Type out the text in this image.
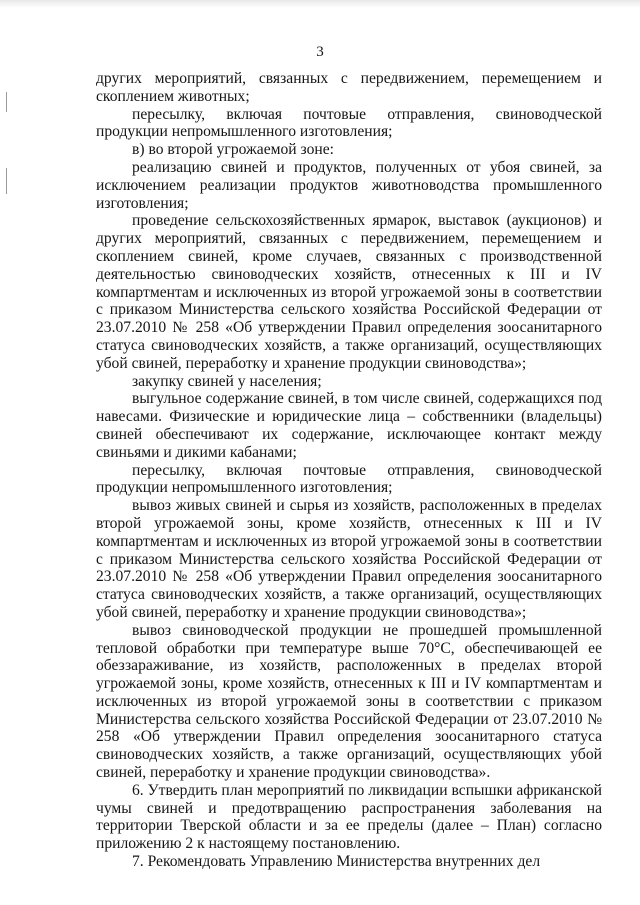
3

других мероприятий, связанных с передвижением, перемещением и скоплением животных;

пересылку, включая почтовые отправления, свиноводческой продукции непромышленного изготовления;

в) во второй угрожаемой зоне:

реализацию свиней и продуктов, полученных от убоя свиней, за исключением реализации продуктов животноводства промышленного изготовления;

проведение сельскохозяйственных ярмарок, выставок (аукционов) и других мероприятий, связанных с передвижением, перемещением и скоплением свиней, кроме случаев, связанных с производственной деятельностью свиноводческих хозяйств, отнесенных к III и IV компартментам и исключенных из второй угрожаемой зоны в соответствии с приказом Министерства сельского хозяйства Российской Федерации от 23.07.2010 № 258 «Об утверждении Правил определения зоосанитарного статуса свиноводческих хозяйств, а также организаций, осуществляющих убой свиней, переработку и хранение продукции свиноводства»;

закупку свиней у населения;

выгульное содержание свиней, в том числе свиней, содержащихся под навесами. Физические и юридические лица – собственники (владельцы) свиней обеспечивают их содержание, исключающее контакт между свиньями и дикими кабанами;

пересылку, включая почтовые отправления, свиноводческой продукции непромышленного изготовления;

вывоз живых свиней и сырья из хозяйств, расположенных в пределах второй угрожаемой зоны, кроме хозяйств, отнесенных к III и IV компартментам и исключенных из второй угрожаемой зоны в соответствии с приказом Министерства сельского хозяйства Российской Федерации от 23.07.2010 № 258 «Об утверждении Правил определения зоосанитарного статуса свиноводческих хозяйств, а также организаций, осуществляющих убой свиней, переработку и хранение продукции свиноводства»;

вывоз свиноводческой продукции не прошедшей промышленной тепловой обработки при температуре выше 70°C, обеспечивающей ее обеззараживание, из хозяйств, расположенных в пределах второй угрожаемой зоны, кроме хозяйств, отнесенных к III и IV компартментам и исключенных из второй угрожаемой зоны в соответствии с приказом Министерства сельского хозяйства Российской Федерации от 23.07.2010 № 258 «Об утверждении Правил определения зоосанитарного статуса свиноводческих хозяйств, а также организаций, осуществляющих убой свиней, переработку и хранение продукции свиноводства».

6. Утвердить план мероприятий по ликвидации вспышки африканской чумы свиней и предотвращению распространения заболевания на территории Тверской области и за ее пределы (далее – План) согласно приложению 2 к настоящему постановлению.

7. Рекомендовать Управлению Министерства внутренних дел
